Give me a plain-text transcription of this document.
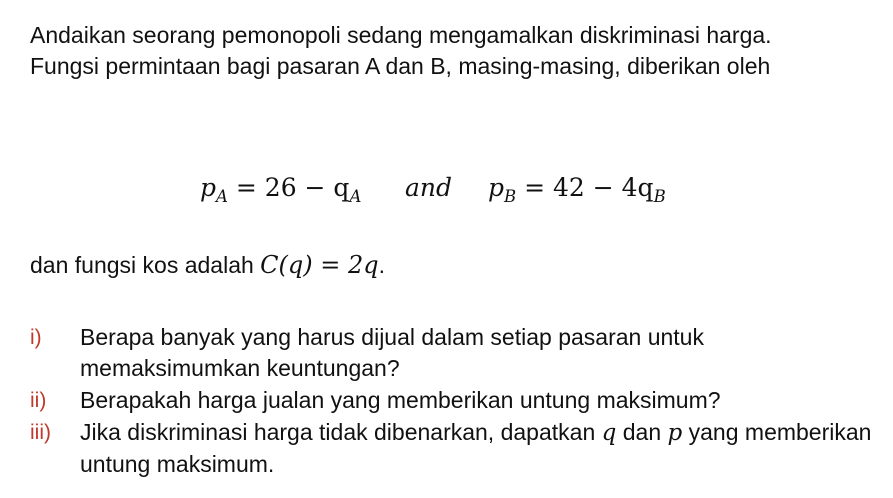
Andaikan seorang pemonopoli sedang mengamalkan diskriminasi harga. Fungsi permintaan bagi pasaran A dan B, masing-masing, diberikan oleh

$p_A = 26 - q_A$ and $p_B = 42 - 4q_B$
dan fungsi kos adalah C(q) = 2q.
i) Berapa banyak yang harus dijual dalam setiap pasaran untuk memaksimumkan keuntungan?
ii) Berapakah harga jualan yang memberikan untung maksimum?
iii) Jika diskriminasi harga tidak dibenarkan, dapatkan q dan p yang memberikan untung maksimum.
